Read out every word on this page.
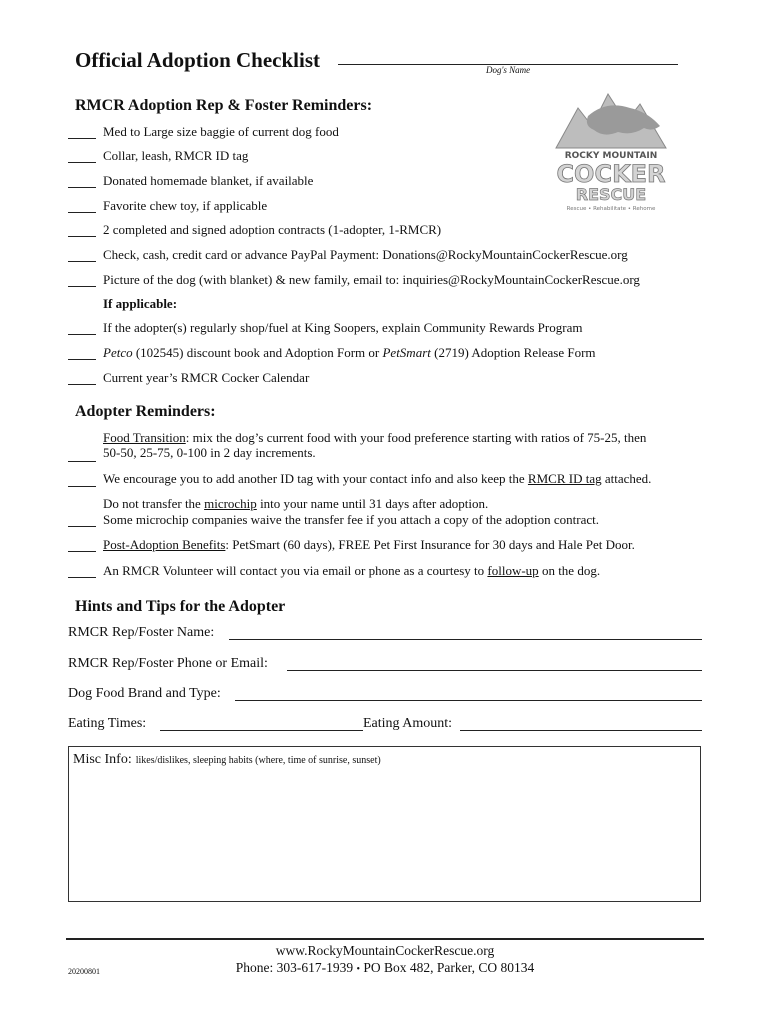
Official Adoption Checklist	Dog's Name
ROCKY MOUNTAIN
COCKER
RESCUE
Rescue • Rehabilitate • Rehome
RMCR Adoption Rep & Foster Reminders:
Med to Large size baggie of current dog food
Collar, leash, RMCR ID tag
Donated homemade blanket, if available
Favorite chew toy, if applicable
2 completed and signed adoption contracts (1-adopter, 1-RMCR)
Check, cash, credit card or advance PayPal Payment: Donations@RockyMountainCockerRescue.org
Picture of the dog (with blanket) & new family, email to: inquiries@RockyMountainCockerRescue.org
If applicable:
If the adopter(s) regularly shop/fuel at King Soopers, explain Community Rewards Program
Petco (102545) discount book and Adoption Form or PetSmart (2719) Adoption Release Form
Current year’s RMCR Cocker Calendar
Adopter Reminders:
Food Transition: mix the dog’s current food with your food preference starting with ratios of 75-25, then
50-50, 25-75, 0-100 in 2 day increments.
We encourage you to add another ID tag with your contact info and also keep the RMCR ID tag attached.
Do not transfer the microchip into your name until 31 days after adoption.
Some microchip companies waive the transfer fee if you attach a copy of the adoption contract.
Post-Adoption Benefits: PetSmart (60 days), FREE Pet First Insurance for 30 days and Hale Pet Door.
An RMCR Volunteer will contact you via email or phone as a courtesy to follow-up on the dog.
Hints and Tips for the Adopter
RMCR Rep/Foster Name:
RMCR Rep/Foster Phone or Email:
Dog Food Brand and Type:
Eating Times:	Eating Amount:
Misc Info: likes/dislikes, sleeping habits (where, time of sunrise, sunset)
www.RockyMountainCockerRescue.org
Phone: 303-617-1939 • PO Box 482, Parker, CO 80134
20200801
